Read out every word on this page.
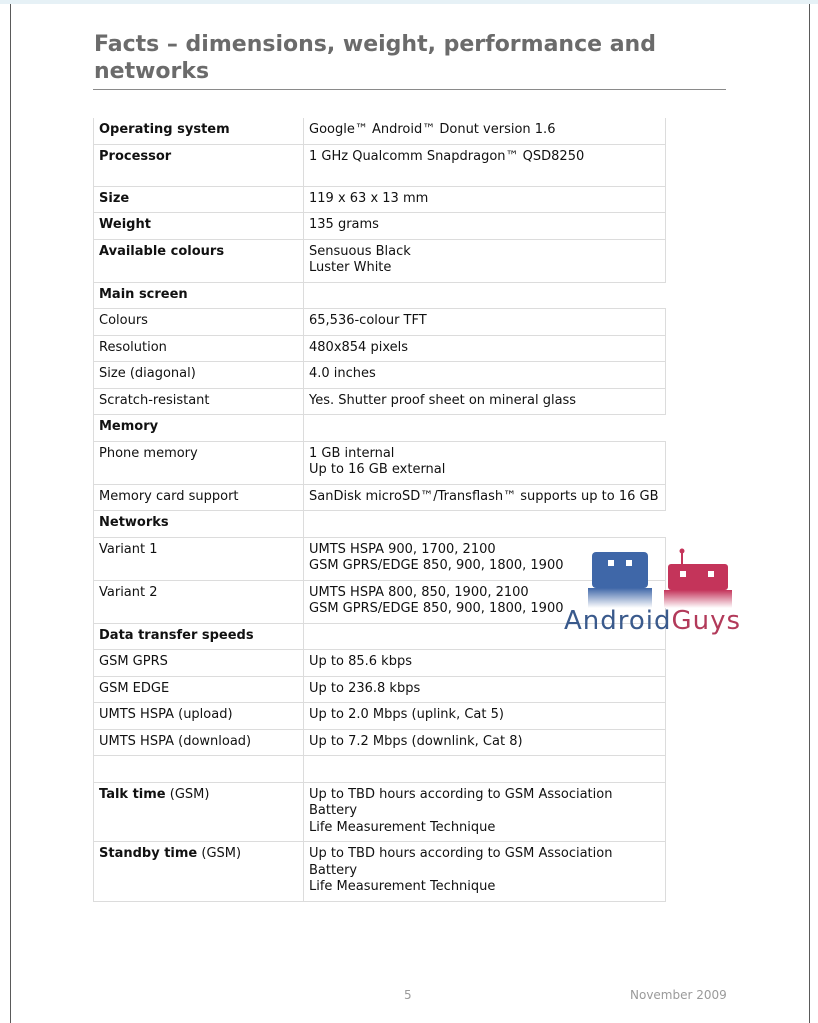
Facts – dimensions, weight, performance and networks
Operating system	Google™ Android™ Donut version 1.6
Processor	1 GHz Qualcomm Snapdragon™ QSD8250
Size	119 x 63 x 13 mm
Weight	135 grams
Available colours	Sensuous Black
Luster White

Main screen	
Colours	65,536-colour TFT
Resolution	480x854 pixels
Size (diagonal)	4.0 inches
Scratch-resistant	Yes. Shutter proof sheet on mineral glass
Memory	
Phone memory	1 GB internal
Up to 16 GB external

Memory card support	SanDisk microSD™/Transflash™ supports up to 16 GB
Networks	
Variant 1	UMTS HSPA 900, 1700, 2100
GSM GPRS/EDGE 850, 900, 1800, 1900

Variant 2	UMTS HSPA 800, 850, 1900, 2100
GSM GPRS/EDGE 850, 900, 1800, 1900

Data transfer speeds	
GSM GPRS	Up to 85.6 kbps
GSM EDGE	Up to 236.8 kbps
UMTS HSPA (upload)	Up to 2.0 Mbps (uplink, Cat 5)
UMTS HSPA (download)	Up to 7.2 Mbps (downlink, Cat 8)

Talk time (GSM)	Up to TBD hours according to GSM Association Battery
Life Measurement Technique

Standby time (GSM)	Up to TBD hours according to GSM Association Battery
Life Measurement Technique
AndroidGuys
5	November 2009
